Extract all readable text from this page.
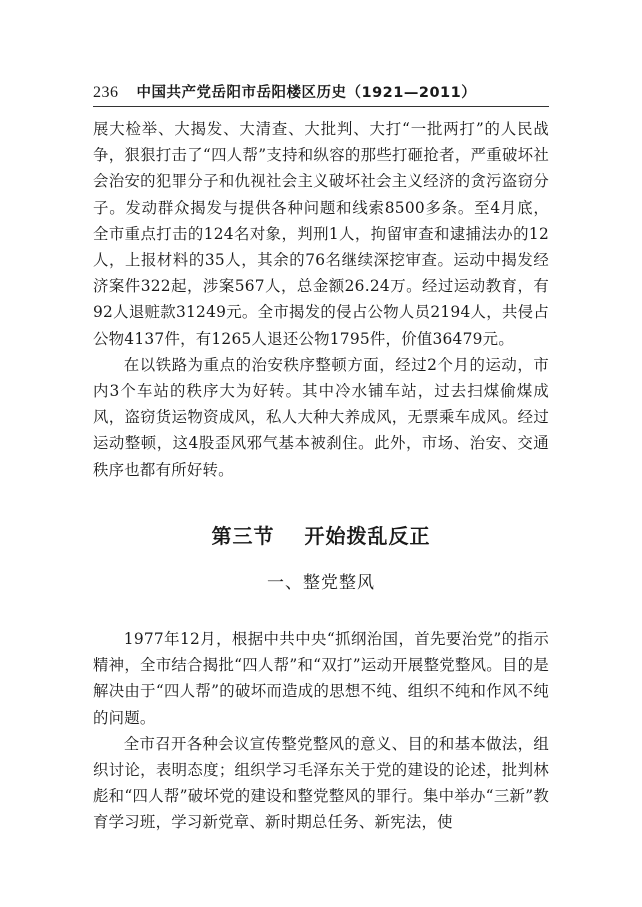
236 中国共产党岳阳市岳阳楼区历史（1921—2011）

展大检举、大揭发、大清查、大批判、大打“一批两打”的人民战争，狠狠打击了“四人帮”支持和纵容的那些打砸抢者，严重破坏社会治安的犯罪分子和仇视社会主义破坏社会主义经济的贪污盗窃分子。发动群众揭发与提供各种问题和线索8500多条。至4月底，全市重点打击的124名对象，判刑1人，拘留审查和逮捕法办的12人，上报材料的35人，其余的76名继续深挖审查。运动中揭发经济案件322起，涉案567人，总金额26.24万。经过运动教育，有92人退赃款31249元。全市揭发的侵占公物人员2194人，共侵占公物4137件，有1265人退还公物1795件，价值36479元。

在以铁路为重点的治安秩序整顿方面，经过2个月的运动，市内3个车站的秩序大为好转。其中冷水铺车站，过去扫煤偷煤成风，盗窃货运物资成风，私人大种大养成风，无票乘车成风。经过运动整顿，这4股歪风邪气基本被刹住。此外，市场、治安、交通秩序也都有所好转。

第三节 开始拨乱反正
一、整党整风

1977年12月，根据中共中央“抓纲治国，首先要治党”的指示精神，全市结合揭批“四人帮”和“双打”运动开展整党整风。目的是解决由于“四人帮”的破坏而造成的思想不纯、组织不纯和作风不纯的问题。

全市召开各种会议宣传整党整风的意义、目的和基本做法，组织讨论，表明态度；组织学习毛泽东关于党的建设的论述，批判林彪和“四人帮”破坏党的建设和整党整风的罪行。集中举办“三新”教育学习班，学习新党章、新时期总任务、新宪法，使
